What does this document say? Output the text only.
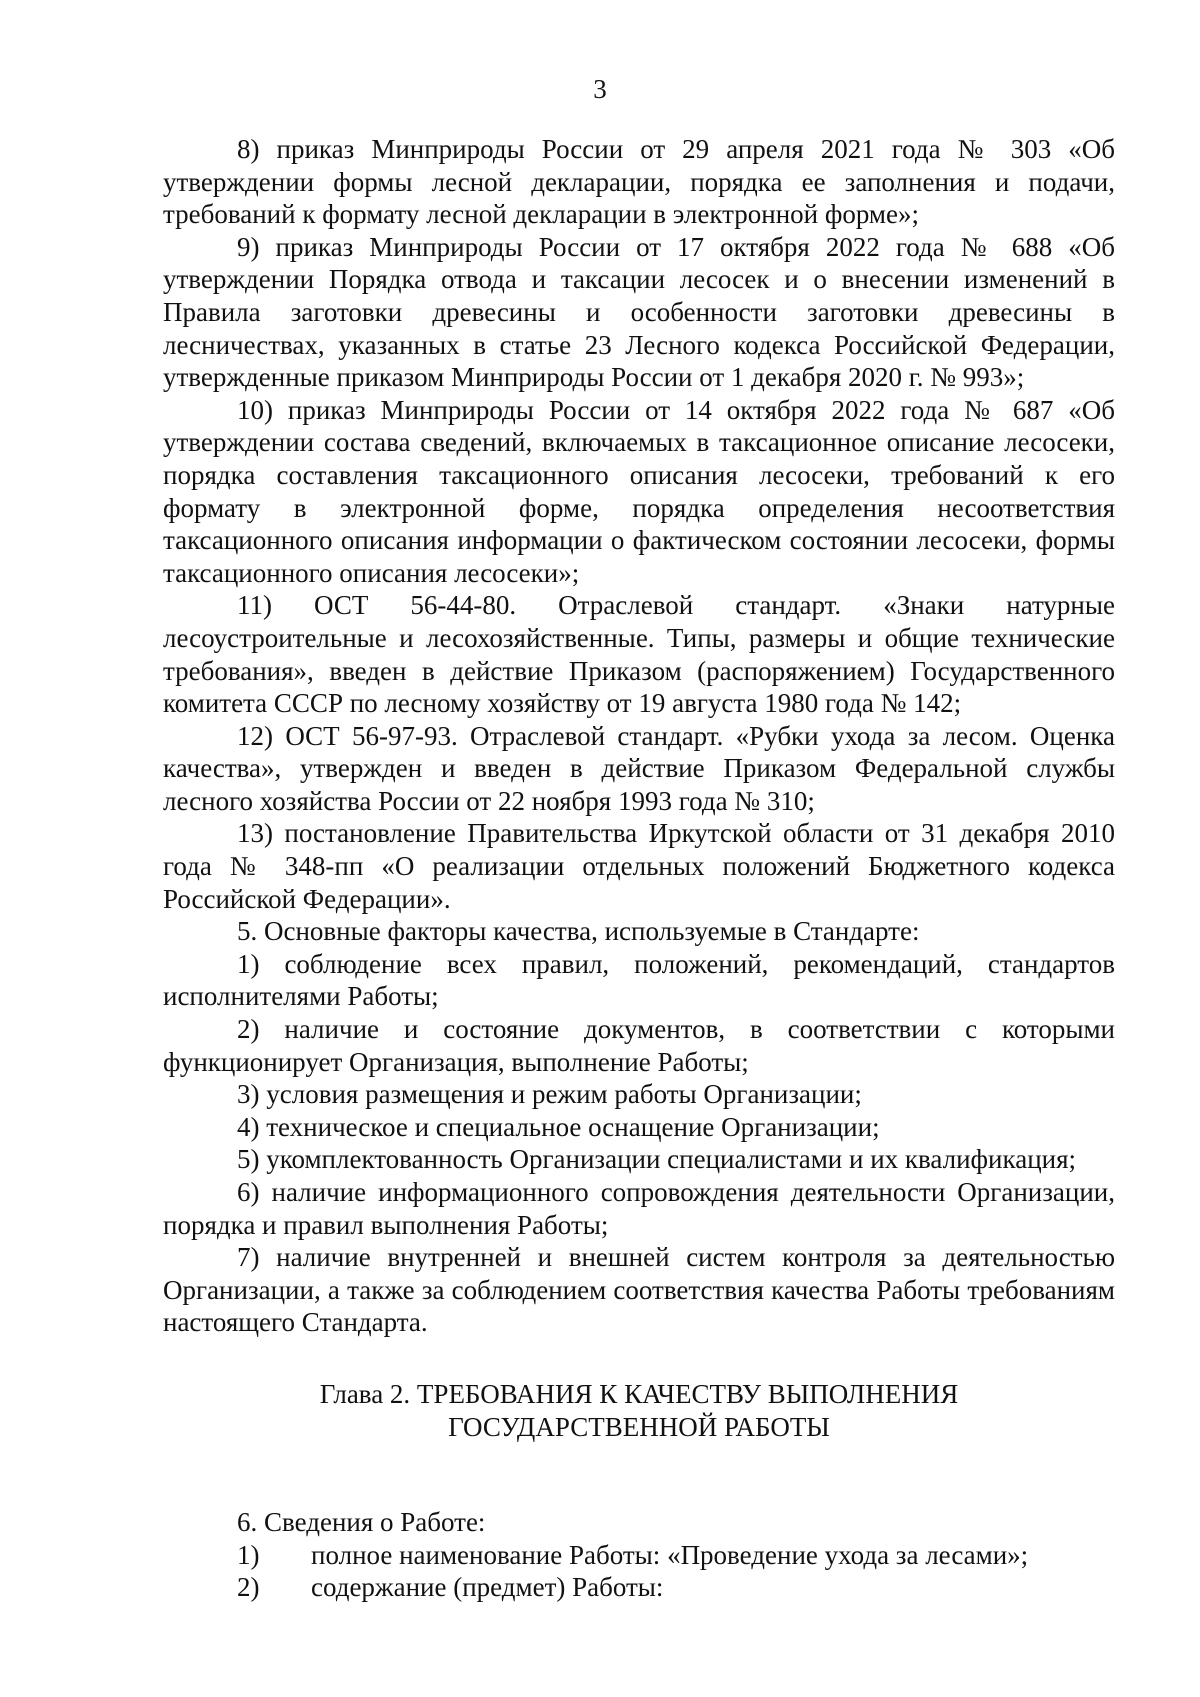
3

8) приказ Минприроды России от 29 апреля 2021 года № 303 «Об утверждении формы лесной декларации, порядка ее заполнения и подачи, требований к формату лесной декларации в электронной форме»;

9) приказ Минприроды России от 17 октября 2022 года № 688 «Об утверждении Порядка отвода и таксации лесосек и о внесении изменений в Правила заготовки древесины и особенности заготовки древесины в лесничествах, указанных в статье 23 Лесного кодекса Российской Федерации, утвержденные приказом Минприроды России от 1 декабря 2020 г. № 993»;

10) приказ Минприроды России от 14 октября 2022 года № 687 «Об утверждении состава сведений, включаемых в таксационное описание лесосеки, порядка составления таксационного описания лесосеки, требований к его формату в электронной форме, порядка определения несоответствия таксационного описания информации о фактическом состоянии лесосеки, формы таксационного описания лесосеки»;

11) ОСТ 56-44-80. Отраслевой стандарт. «Знаки натурные лесоустроительные и лесохозяйственные. Типы, размеры и общие технические требования», введен в действие Приказом (распоряжением) Государственного комитета СССР по лесному хозяйству от 19 августа 1980 года № 142;

12) ОСТ 56-97-93. Отраслевой стандарт. «Рубки ухода за лесом. Оценка качества», утвержден и введен в действие Приказом Федеральной службы лесного хозяйства России от 22 ноября 1993 года № 310;

13) постановление Правительства Иркутской области от 31 декабря 2010 года № 348-пп «О реализации отдельных положений Бюджетного кодекса Российской Федерации».

5. Основные факторы качества, используемые в Стандарте:

1) соблюдение всех правил, положений, рекомендаций, стандартов исполнителями Работы;

2) наличие и состояние документов, в соответствии с которыми функционирует Организация, выполнение Работы;

3) условия размещения и режим работы Организации;

4) техническое и специальное оснащение Организации;

5) укомплектованность Организации специалистами и их квалификация;

6) наличие информационного сопровождения деятельности Организации, порядка и правил выполнения Работы;

7) наличие внутренней и внешней систем контроля за деятельностью Организации, а также за соблюдением соответствия качества Работы требованиям настоящего Стандарта.

Глава 2. ТРЕБОВАНИЯ К КАЧЕСТВУ ВЫПОЛНЕНИЯ
ГОСУДАРСТВЕННОЙ РАБОТЫ

6. Сведения о Работе:

1)	полное наименование Работы: «Проведение ухода за лесами»;

2)	содержание (предмет) Работы:
